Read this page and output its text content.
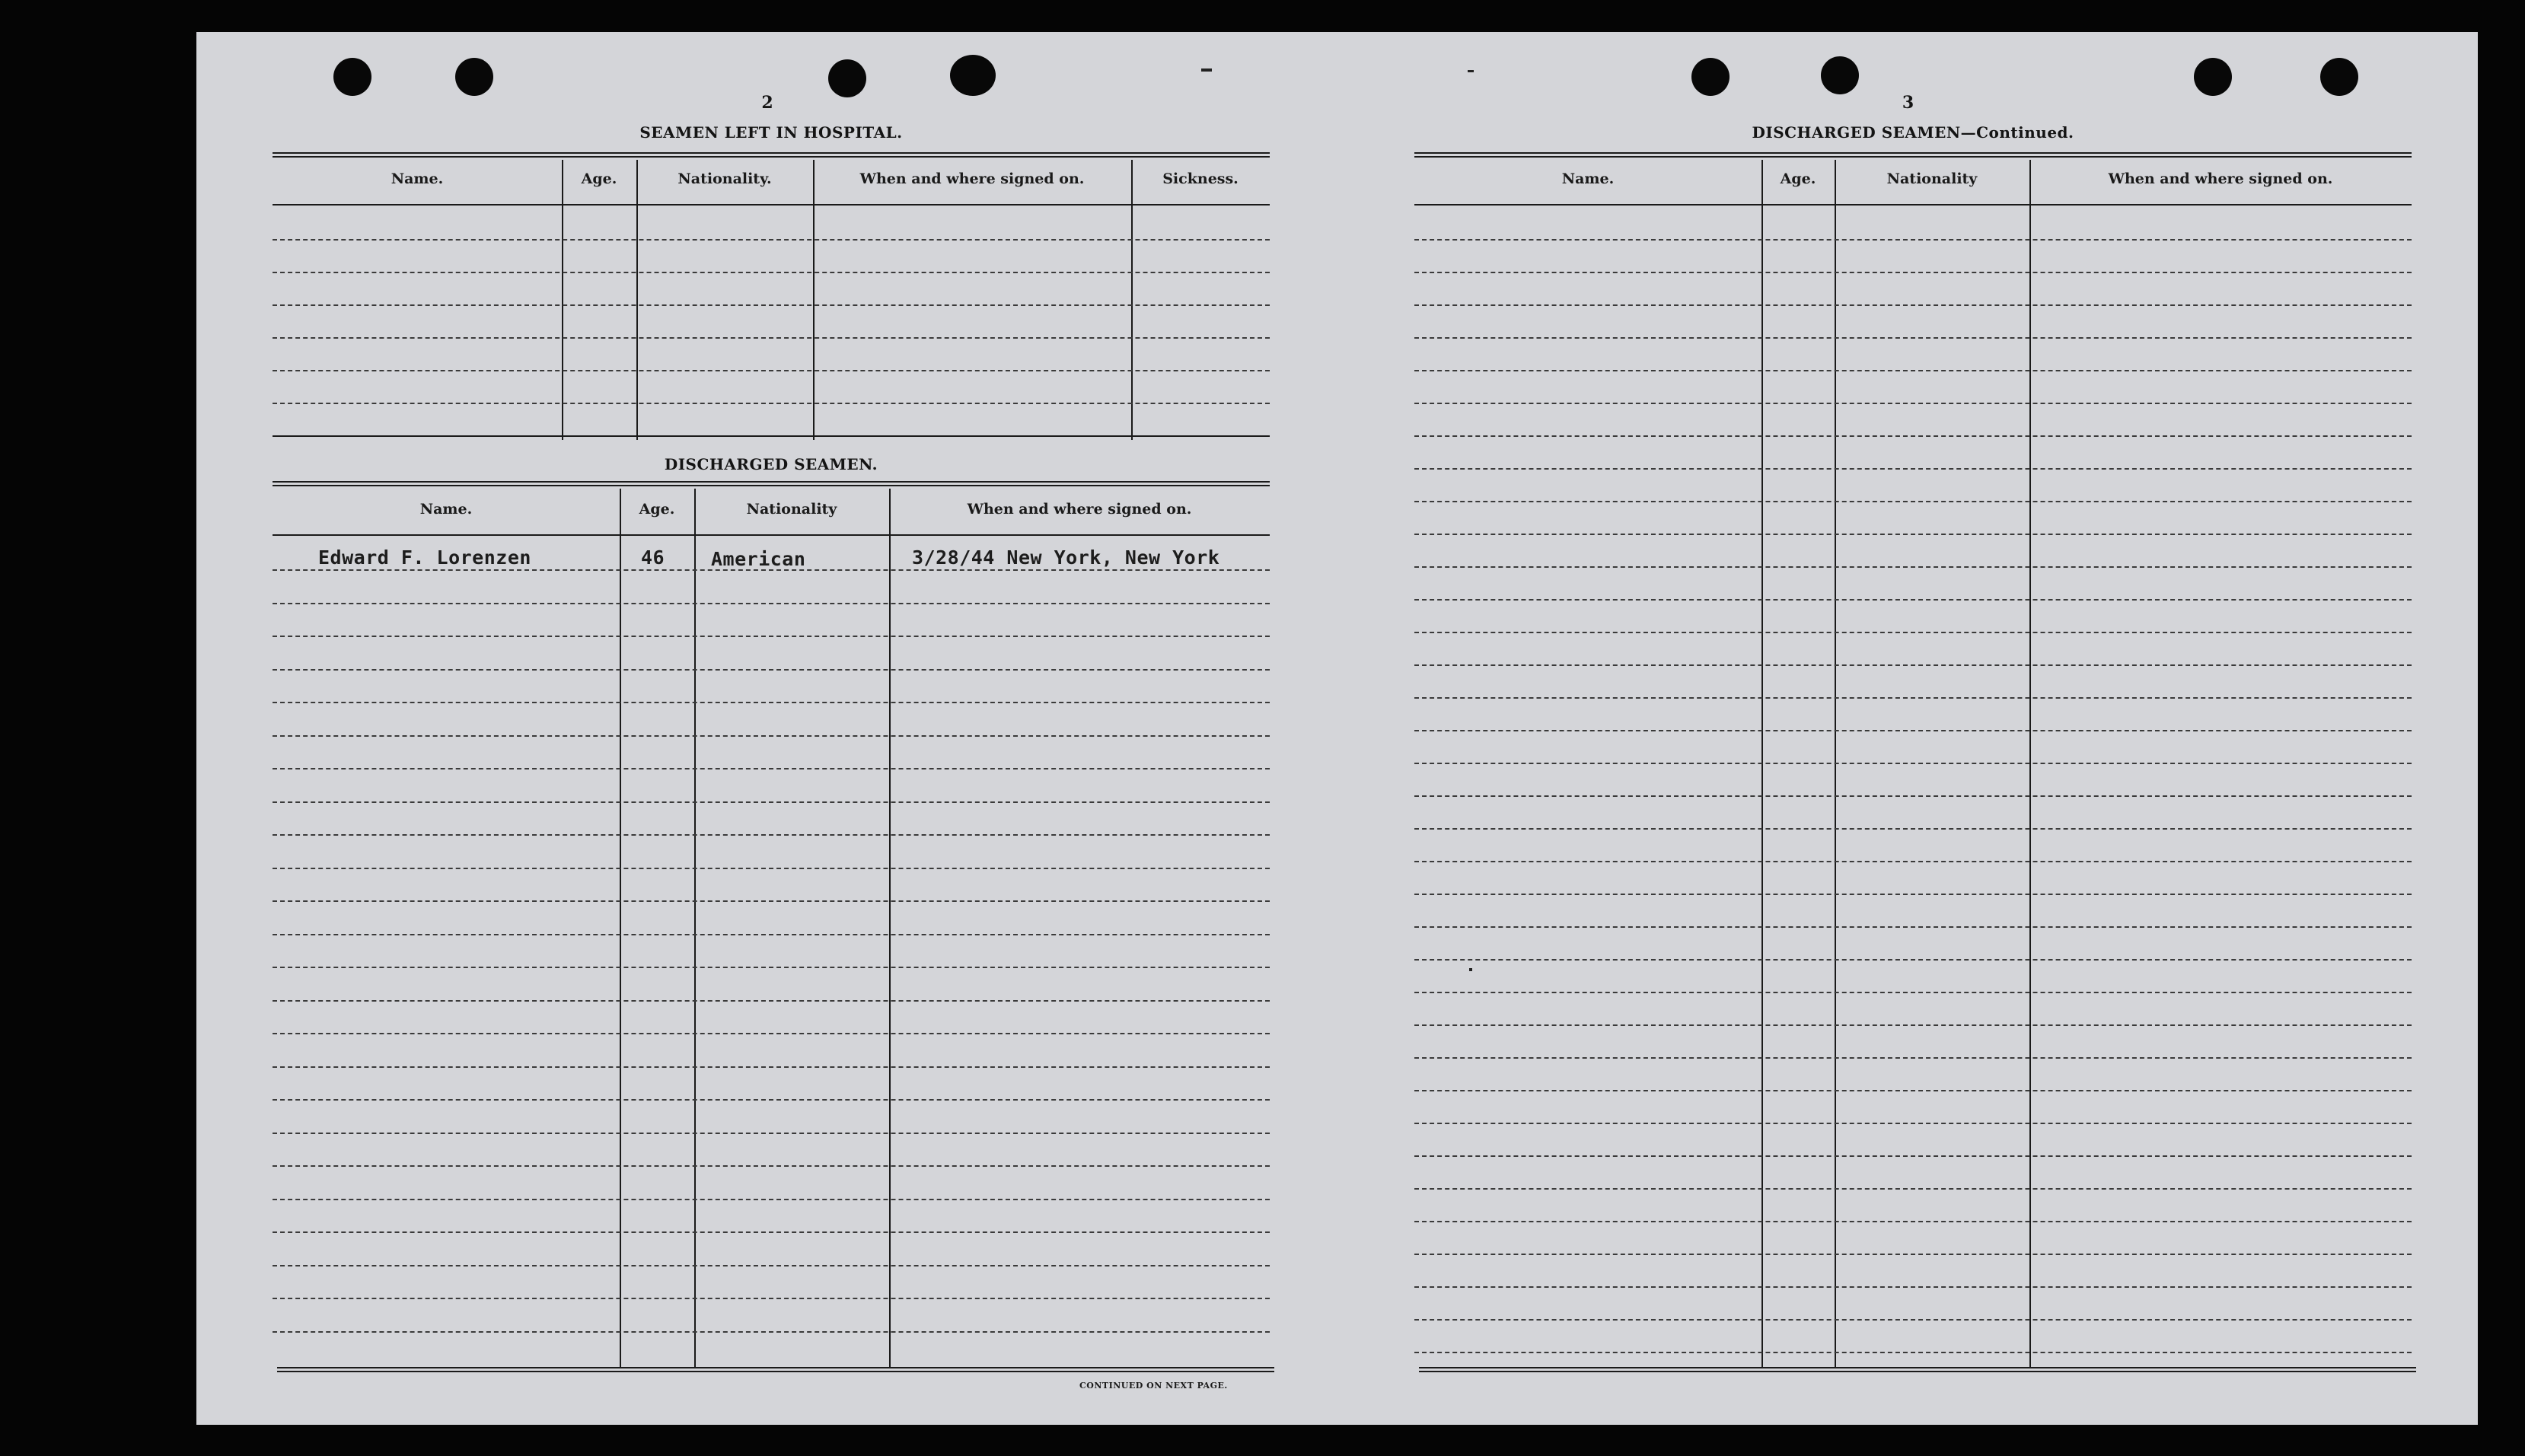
2
SEAMEN LEFT IN HOSPITAL.
Name.	Age.	Nationality.	When and where signed on.	Sickness.
DISCHARGED SEAMEN.
Name.	Age.	Nationality	When and where signed on.
Edward F. Lorenzen	46 American	3/28/44 New York, New York
CONTINUED ON NEXT PAGE.
3
DISCHARGED SEAMEN—Continued.
Name.	Age.	Nationality	When and where signed on.
